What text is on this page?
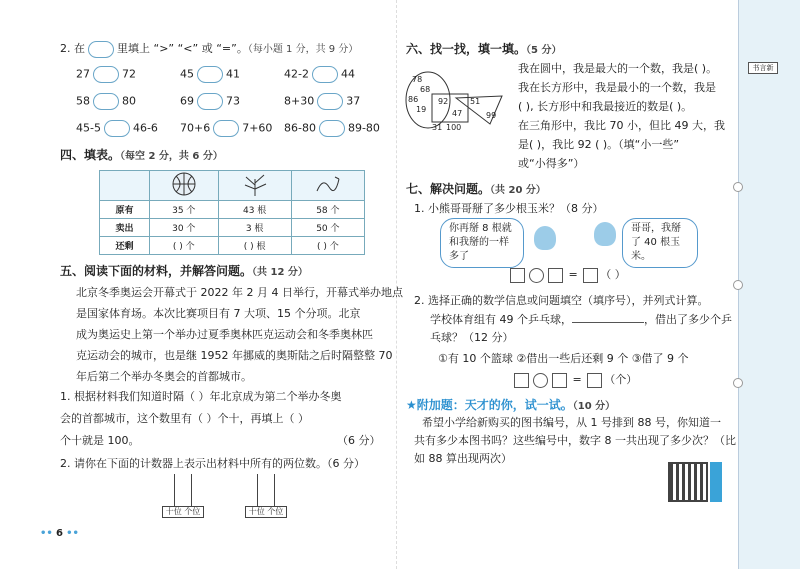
书言新
2. 在	里填上 “>” “<” 或 “=”。（每小题 1 分，共 9 分）
27	72	45	41	42-2	44
58	80	69	73	8+30	37
45-5	46-6 70+6	7+60 86-80	89-80
四、填表。（每空 2 分，共 6 分）

原有	35 个	43 根	58 个
卖出	30 个	3 根	50 个
还剩	( ) 个	( ) 根	( ) 个
五、阅读下面的材料，并解答问题。（共 12 分）
北京冬季奥运会开幕式于 2022 年 2 月 4 日举行，开幕式举办地点
是国家体育场。本次比赛项目有 7 大项、15 个分项。北京
成为奥运史上第一个举办过夏季奥林匹克运动会和冬季奥林匹
克运动会的城市，也是继 1952 年挪威的奥斯陆之后时隔整整 70
年后第二个举办冬奥会的首都城市。
1. 根据材料我们知道时隔（ ）年北京成为第二个举办冬奥
会的首都城市，这个数里有（ ）个十，再填上（ ）
个十就是 100。	（6 分）
2. 请你在下面的计数器上表示出材料中所有的两位数。（6 分）
十位 个位	十位 个位
•• 6 ••
六、找一找，填一填。（5 分）
78
68
86
19
92	51
47	99
31 100
我在圆中，我是最大的一个数，我是( )。
我在长方形中，我是最小的一个数，我是
( ), 长方形中和我最接近的数是( )。
在三角形中，我比 70 小，但比 49 大，我
是( )，我比 92 ( )。（填“小一些”
或“小得多”）
七、解决问题。（共 20 分）
1. 小熊哥哥掰了多少根玉米？（8 分）
你再掰 8 根就和我掰的一样多了
哥哥，我掰了 40 根玉米。
= （ ）
2. 选择正确的数学信息或问题填空（填序号），并列式计算。
学校体育组有 49 个乒乓球，	，借出了多少个乒
乓球？（12 分）
①有 10 个篮球 ②借出一些后还剩 9 个 ③借了 9 个
= （个）
★附加题：天才的你，试一试。（10 分）
希望小学给新购买的图书编号，从 1 号排到 88 号，你知道一
共有多少本图书吗？这些编号中，数字 8 一共出现了多少次？（比
如 88 算出现两次）
